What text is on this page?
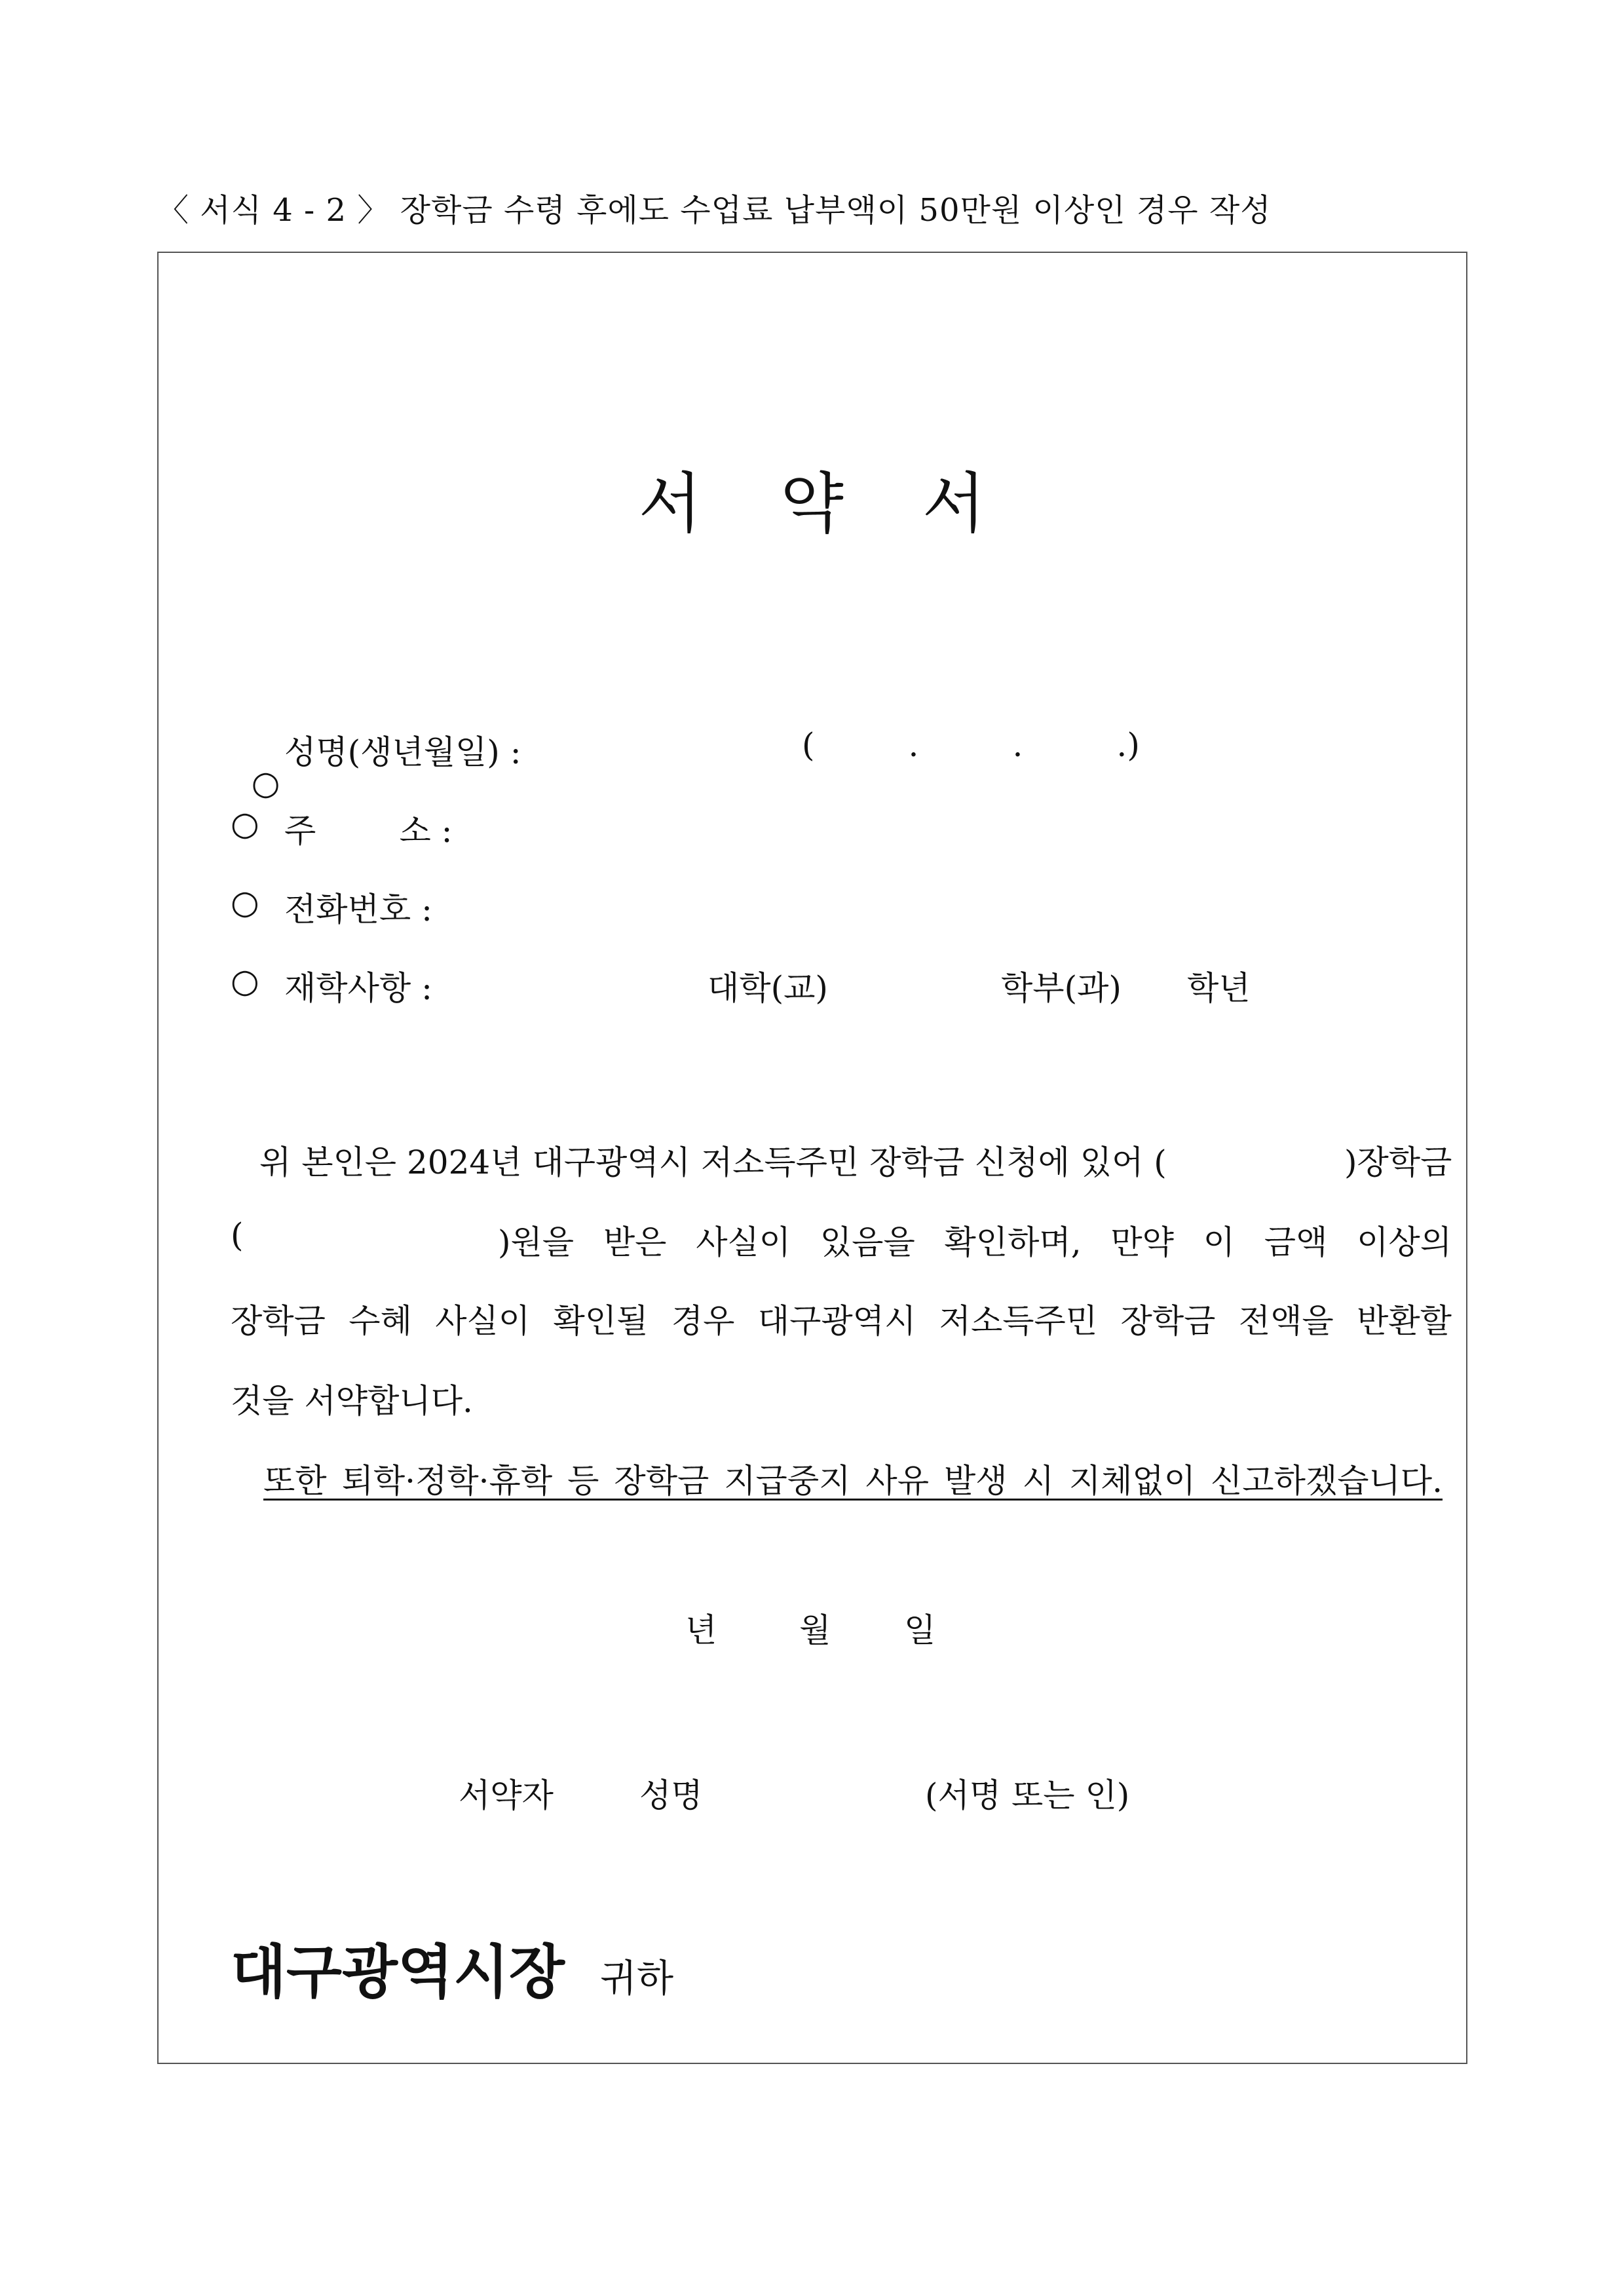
〈 서식 4 - 2 〉 장학금 수령 후에도 수업료 납부액이 50만원 이상인 경우 작성
서약서

○

성명(생년월일) :	(         .         .         .)
○ 주        소 :
○ 전화번호 :
○ 재학사항 :	대학(교)	학부(과) 학년
위 본인은 2024년 대구광역시 저소득주민 장학금 신청에 있어 (	)장학금
(	)원을 받은 사실이 있음을 확인하며, 만약 이 금액 이상의
장학금 수혜 사실이 확인될 경우 대구광역시 저소득주민 장학금 전액을 반환할
것을 서약합니다.
또한 퇴학·정학·휴학 등 장학금 지급중지 사유 발생 시 지체없이 신고하겠습니다.
년	월 일
서약자	성명	(서명 또는 인)
대구광역시장 귀하
